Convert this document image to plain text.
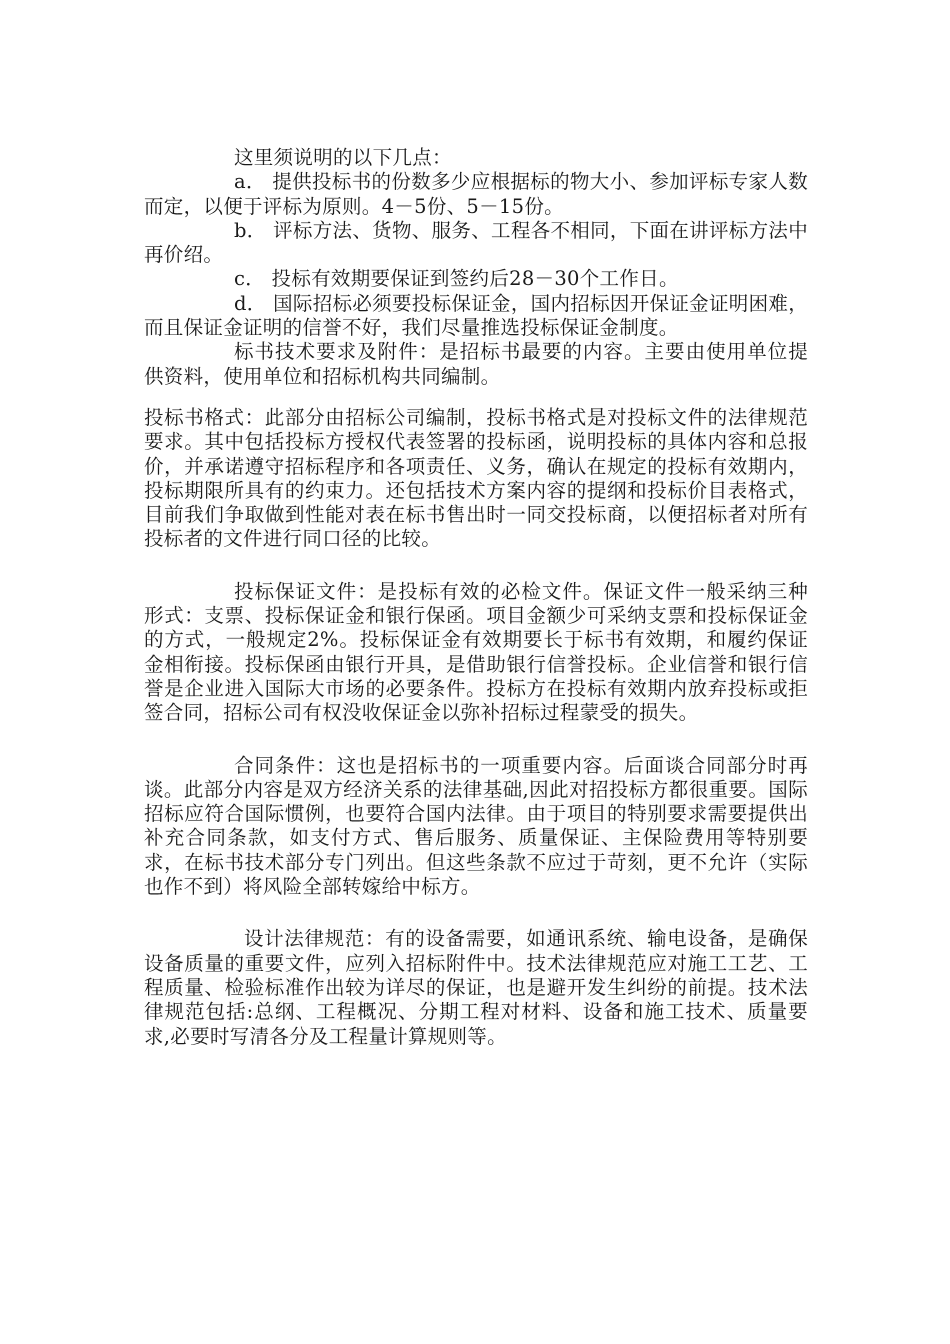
这里须说明的以下几点：

a． 提供投标书的份数多少应根据标的物大小、参加评标专家人数而定，以便于评标为原则。4－5份、5－15份。

b． 评标方法、货物、服务、工程各不相同，下面在讲评标方法中再价绍。

c． 投标有效期要保证到签约后28－30个工作日。

d． 国际招标必须要投标保证金，国内招标因开保证金证明困难，而且保证金证明的信誉不好，我们尽量推选投标保证金制度。

标书技术要求及附件：是招标书最要的内容。主要由使用单位提供资料，使用单位和招标机构共同编制。

投标书格式：此部分由招标公司编制，投标书格式是对投标文件的法律规范要求。其中包括投标方授权代表签署的投标函，说明投标的具体内容和总报价，并承诺遵守招标程序和各项责任、义务，确认在规定的投标有效期内，投标期限所具有的约束力。还包括技术方案内容的提纲和投标价目表格式，目前我们争取做到性能对表在标书售出时一同交投标商，以便招标者对所有投标者的文件进行同口径的比较。

投标保证文件：是投标有效的必检文件。保证文件一般采纳三种形式：支票、投标保证金和银行保函。项目金额少可采纳支票和投标保证金的方式，一般规定2%。投标保证金有效期要长于标书有效期，和履约保证金相衔接。投标保函由银行开具，是借助银行信誉投标。企业信誉和银行信誉是企业进入国际大市场的必要条件。投标方在投标有效期内放弃投标或拒签合同，招标公司有权没收保证金以弥补招标过程蒙受的损失。

合同条件：这也是招标书的一项重要内容。后面谈合同部分时再谈。此部分内容是双方经济关系的法律基础,因此对招投标方都很重要。国际招标应符合国际惯例，也要符合国内法律。由于项目的特别要求需要提供出补充合同条款，如支付方式、售后服务、质量保证、主保险费用等特别要求，在标书技术部分专门列出。但这些条款不应过于苛刻，更不允许（实际也作不到）将风险全部转嫁给中标方。

设计法律规范：有的设备需要，如通讯系统、输电设备，是确保设备质量的重要文件，应列入招标附件中。技术法律规范应对施工工艺、工程质量、检验标准作出较为详尽的保证，也是避开发生纠纷的前提。技术法律规范包括:总纲、工程概况、分期工程对材料、设备和施工技术、质量要求,必要时写清各分及工程量计算规则等。
